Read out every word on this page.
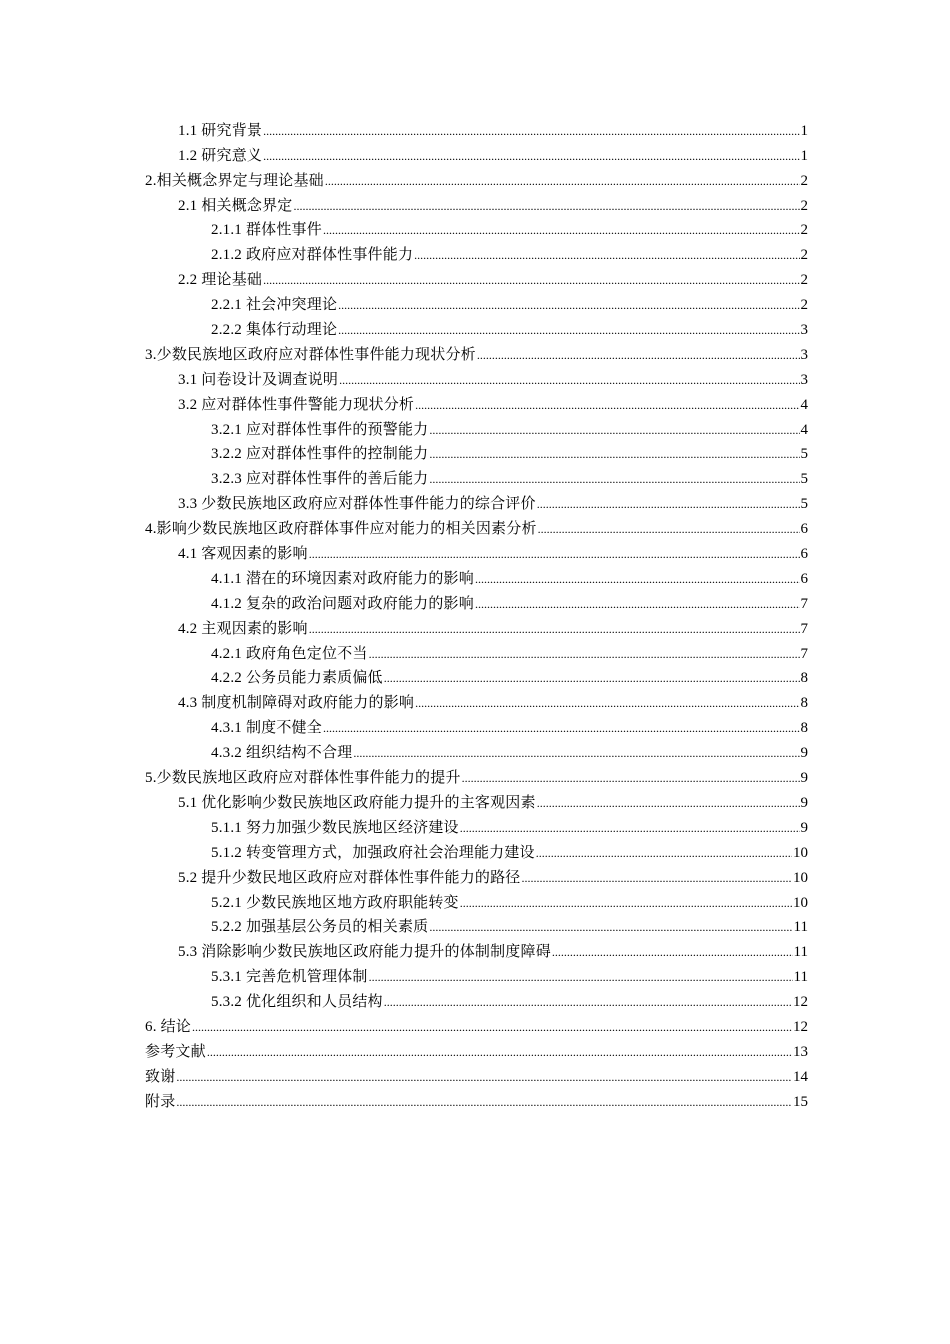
1.1 研究背景 .....	1
1.2 研究意义 .....	1
2.相关概念界定与理论基础 .....	2
2.1 相关概念界定 .....	2
2.1.1 群体性事件 .....	2
2.1.2 政府应对群体性事件能力 .....	2
2.2 理论基础 .....	2
2.2.1 社会冲突理论 .....	2
2.2.2 集体行动理论 .....	3
3.少数民族地区政府应对群体性事件能力现状分析 .....	3
3.1 问卷设计及调查说明 .....	3
3.2 应对群体性事件警能力现状分析 .....	4
3.2.1 应对群体性事件的预警能力 .....	4
3.2.2 应对群体性事件的控制能力 .....	5
3.2.3 应对群体性事件的善后能力 .....	5
3.3 少数民族地区政府应对群体性事件能力的综合评价 .....	5
4.影响少数民族地区政府群体事件应对能力的相关因素分析 .....	6
4.1 客观因素的影响 .....	6
4.1.1 潜在的环境因素对政府能力的影响 .....	6
4.1.2 复杂的政治问题对政府能力的影响 .....	7
4.2 主观因素的影响 .....	7
4.2.1 政府角色定位不当 .....	7
4.2.2 公务员能力素质偏低 .....	8
4.3 制度机制障碍对政府能力的影响 .....	8
4.3.1 制度不健全 .....	8
4.3.2 组织结构不合理 .....	9
5.少数民族地区政府应对群体性事件能力的提升 .....	9
5.1 优化影响少数民族地区政府能力提升的主客观因素 .....	9
5.1.1 努力加强少数民族地区经济建设 .....	9
5.1.2 转变管理方式，加强政府社会治理能力建设 .....	10
5.2 提升少数民地区政府应对群体性事件能力的路径 .....	10
5.2.1 少数民族地区地方政府职能转变 .....	10
5.2.2 加强基层公务员的相关素质 .....	11
5.3 消除影响少数民族地区政府能力提升的体制制度障碍 .....	11
5.3.1 完善危机管理体制 .....	11
5.3.2 优化组织和人员结构 .....	12
6. 结论 .....	12
参考文献 .....	13
致谢 .....	14
附录 .....	15
